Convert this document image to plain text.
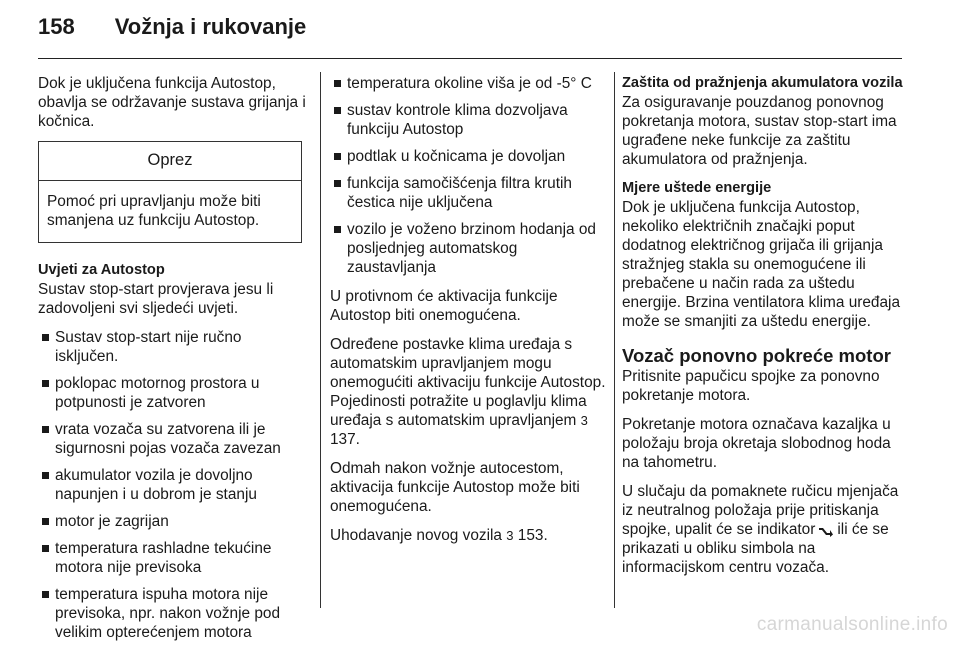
158 Vožnja i rukovanje

Dok je uključena funkcija Autostop, obavlja se održavanje sustava grijanja i kočnica.

Oprez
Pomoć pri upravljanju može biti smanjena uz funkciju Autostop.
Uvjeti za Autostop

Sustav stop-start provjerava jesu li zadovoljeni svi sljedeći uvjeti.

Sustav stop-start nije ručno isključen.
poklopac motornog prostora u potpunosti je zatvoren
vrata vozača su zatvorena ili je sigurnosni pojas vozača zavezan
akumulator vozila je dovoljno napunjen i u dobrom je stanju
motor je zagrijan
temperatura rashladne tekućine motora nije previsoka
temperatura ispuha motora nije previsoka, npr. nakon vožnje pod velikim opterećenjem motora
temperatura okoline viša je od -5° C
sustav kontrole klima dozvoljava funkciju Autostop
podtlak u kočnicama je dovoljan
funkcija samočišćenja filtra krutih čestica nije uključena
vozilo je voženo brzinom hodanja od posljednjeg automatskog zaustavljanja

U protivnom će aktivacija funkcije Autostop biti onemogućena.

Određene postavke klima uređaja s automatskim upravljanjem mogu onemogućiti aktivaciju funkcije Autostop. Pojedinosti potražite u poglavlju klima uređaja s automatskim upravljanjem 3 137.

Odmah nakon vožnje autocestom, aktivacija funkcije Autostop može biti onemogućena.

Uhodavanje novog vozila 3 153.

Zaštita od pražnjenja akumulatora vozila

Za osiguravanje pouzdanog ponovnog pokretanja motora, sustav stop-start ima ugrađene neke funkcije za zaštitu akumulatora od pražnjenja.

Mjere uštede energije

Dok je uključena funkcija Autostop, nekoliko električnih značajki poput dodatnog električnog grijača ili grijanja stražnjeg stakla su onemogućene ili prebačene u način rada za uštedu energije. Brzina ventilatora klima uređaja može se smanjiti za uštedu energije.

Vozač ponovno pokreće motor

Pritisnite papučicu spojke za ponovno pokretanje motora.

Pokretanje motora označava kazaljka u položaju broja okretaja slobodnog hoda na tahometru.

U slučaju da pomaknete ručicu mjenjača iz neutralnog položaja prije pritiskanja spojke, upalit će se indikator ili će se prikazati u obliku simbola na informacijskom centru vozača.

carmanualsonline.info
